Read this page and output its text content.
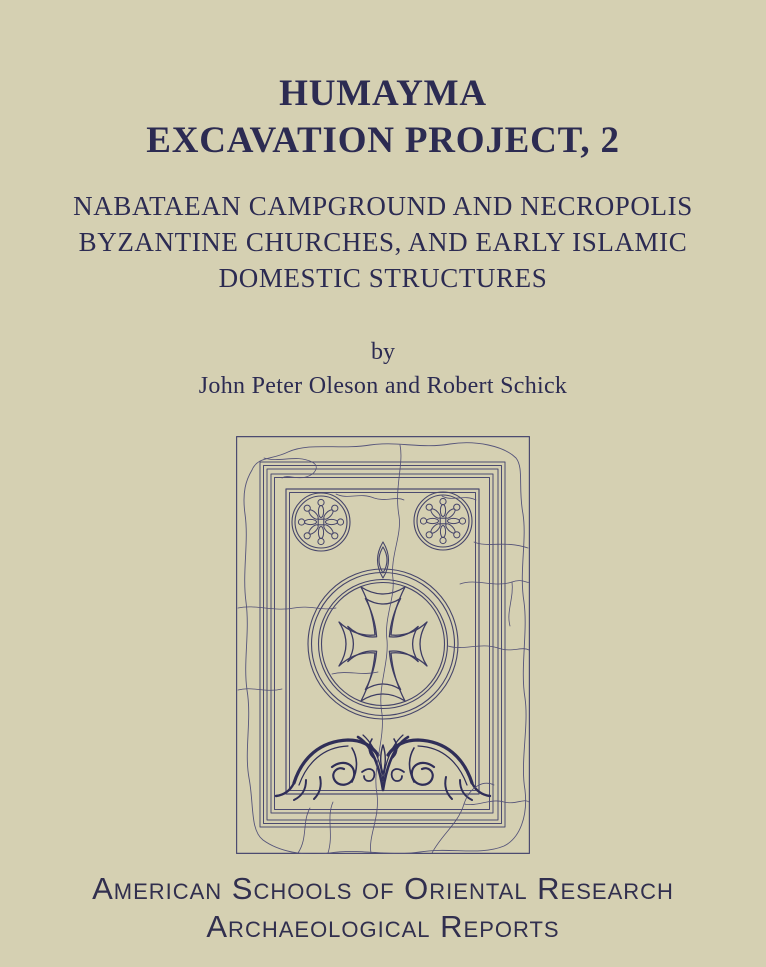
HUMAYMA
EXCAVATION PROJECT, 2
NABATAEAN CAMPGROUND AND NECROPOLIS
BYZANTINE CHURCHES, AND EARLY ISLAMIC
DOMESTIC STRUCTURES
by
John Peter Oleson and Robert Schick
American Schools of Oriental Research
Archaeological Reports
